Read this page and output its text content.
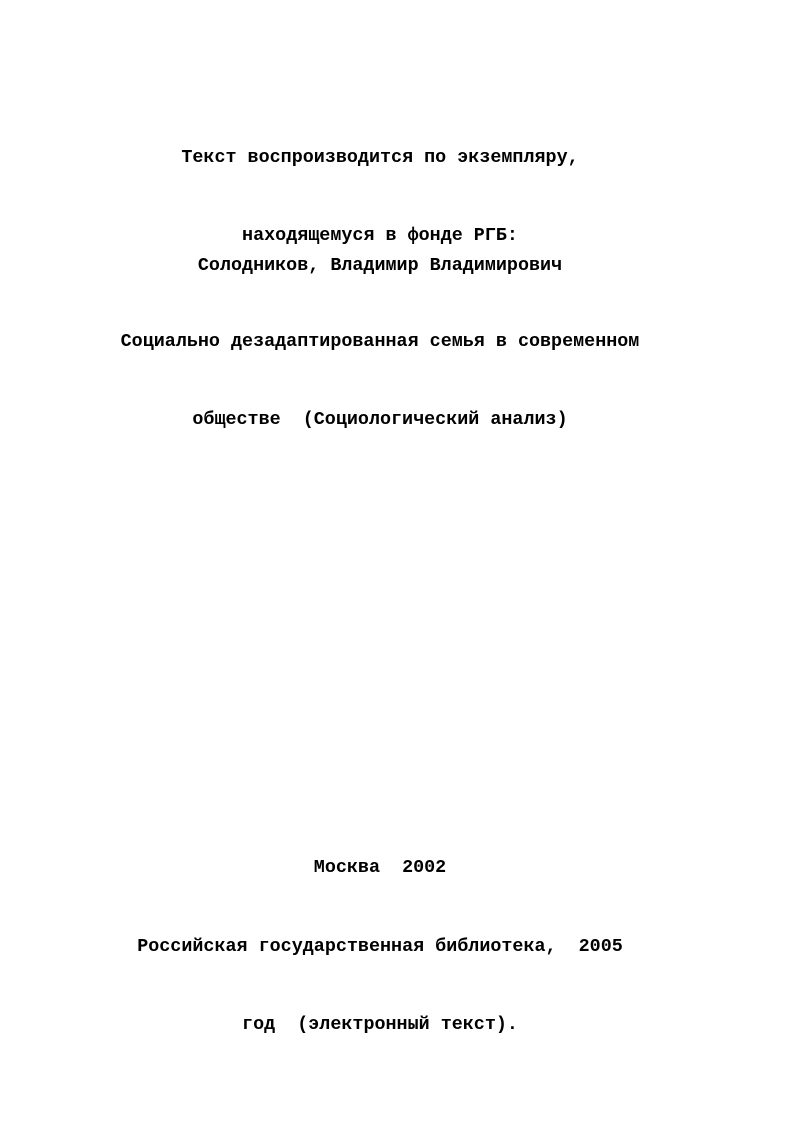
Текст воспроизводится по экземпляру,

находящемуся в фонде РГБ:

Солодников, Владимир Владимирович

Социально дезадаптированная семья в современном

обществе  (Социологический анализ)

Москва  2002

Российская государственная библиотека,  2005

год  (электронный текст).
